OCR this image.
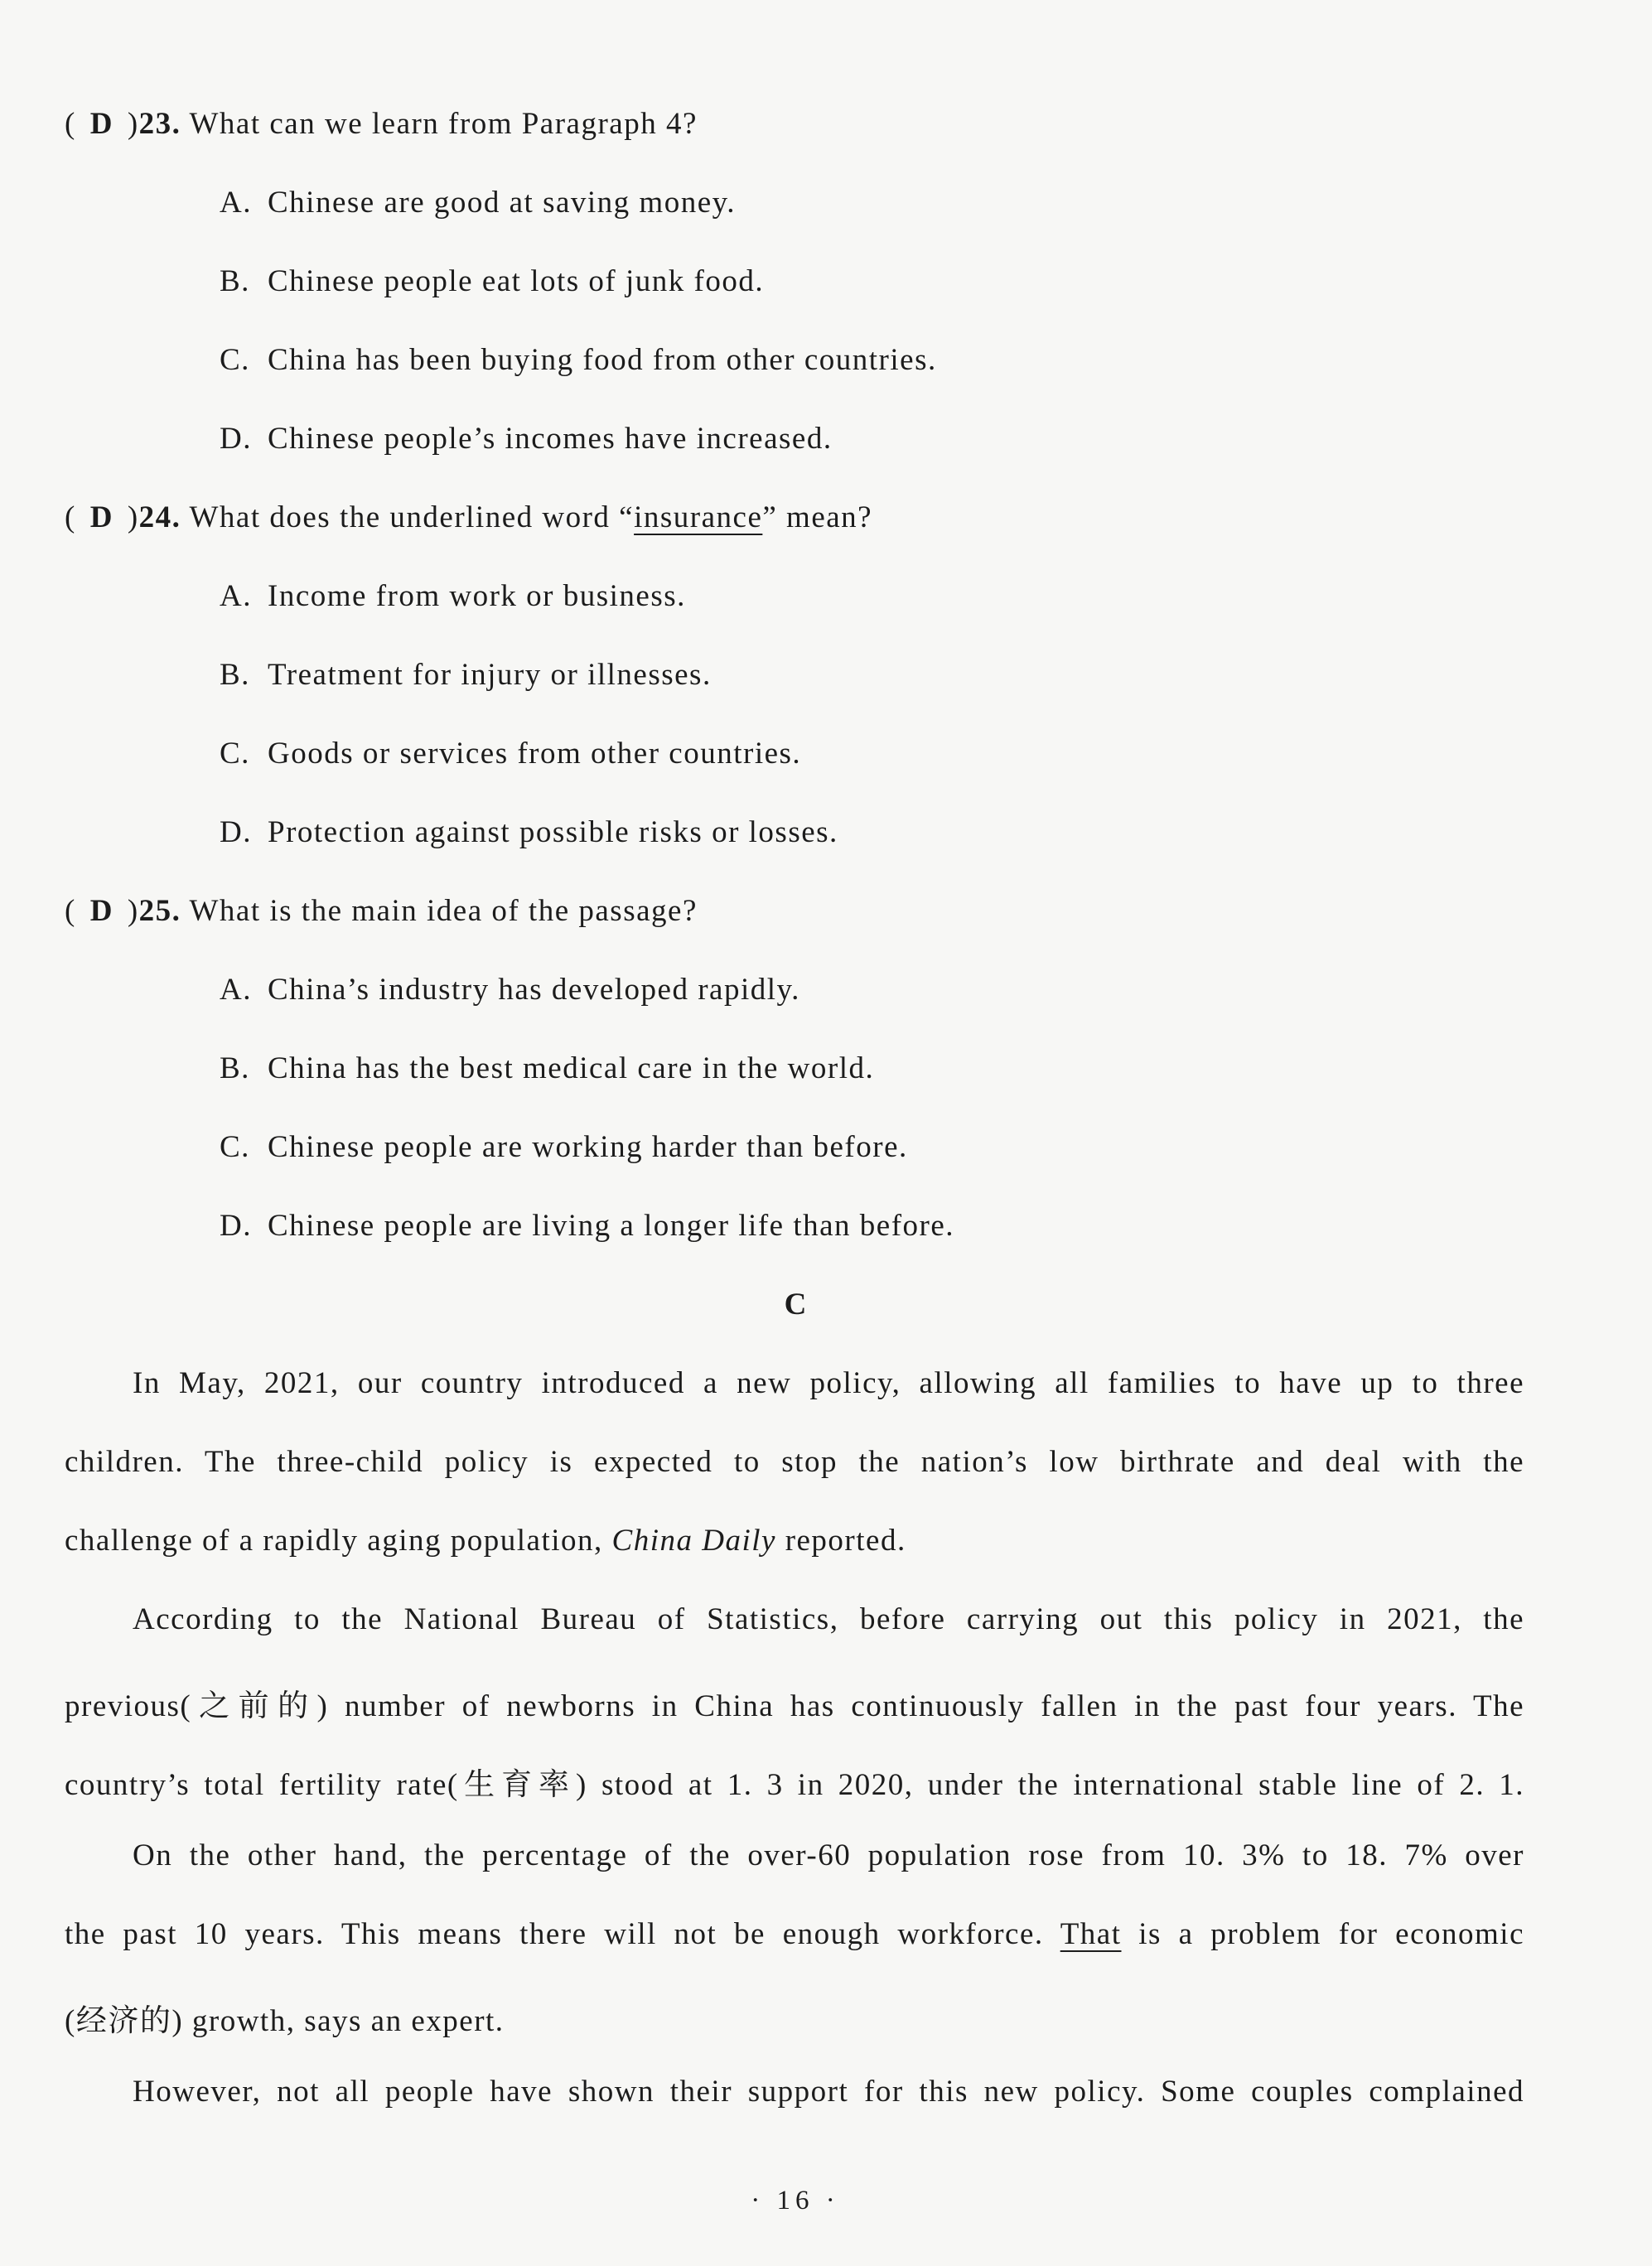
( D )23. What can we learn from Paragraph 4?
A. Chinese are good at saving money.
B. Chinese people eat lots of junk food.
C. China has been buying food from other countries.
D. Chinese people’s incomes have increased.
( D )24. What does the underlined word “insurance” mean?
A. Income from work or business.
B. Treatment for injury or illnesses.
C. Goods or services from other countries.
D. Protection against possible risks or losses.
( D )25. What is the main idea of the passage?
A. China’s industry has developed rapidly.
B. China has the best medical care in the world.
C. Chinese people are working harder than before.
D. Chinese people are living a longer life than before.
C
In May, 2021, our country introduced a new policy, allowing all families to have up to three
children. The three-child policy is expected to stop the nation’s low birthrate and deal with the
challenge of a rapidly aging population, China Daily reported.
According to the National Bureau of Statistics, before carrying out this policy in 2021, the
previous(之前的) number of newborns in China has continuously fallen in the past four years. The
country’s total fertility rate(生育率) stood at 1. 3 in 2020, under the international stable line of 2. 1.
On the other hand, the percentage of the over-60 population rose from 10. 3% to 18. 7% over
the past 10 years. This means there will not be enough workforce. That is a problem for economic
(经济的) growth, says an expert.
However, not all people have shown their support for this new policy. Some couples complained
· 16 ·
